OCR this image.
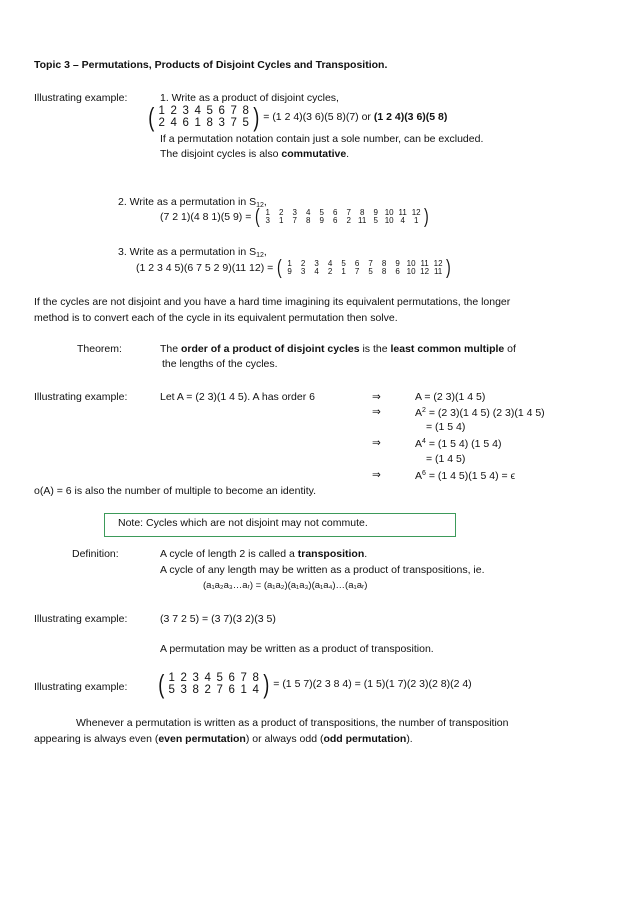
Topic 3 – Permutations, Products of Disjoint Cycles and Transposition.
Illustrating example:	1. Write as a product of disjoint cycles,
( 1 2 3 4 5 6 7 8
2 4 6 1 8 3 7 5 ) = (1 2 4)(3 6)(5 8)(7) or (1 2 4)(3 6)(5 8)
If a permutation notation contain just a sole number, can be excluded.
The disjoint cycles is also commutative.
2. Write as a permutation in $S_{12}$,
(7 2 1)(4 8 1)(5 9) = ( 1	2	3	4	5	6	7	8	9 10 11 12
3	1	7	8	9	6	2 11 5 10 4	1 )
3. Write as a permutation in $S_{12}$,
(1 2 3 4 5)(6 7 5 2 9)(11 12) = ( 1	2	3	4	5	6	7	8	9 10 11 12
9	3	4	2	1	7	5	8	6 10 12 11 )
If the cycles are not disjoint and you have a hard time imagining its equivalent permutations, the longer
method is to convert each of the cycle in its equivalent permutation then solve.
Theorem:	The order of a product of disjoint cycles is the least common multiple of
the lengths of the cycles.
Illustrating example:	Let A = (2 3)(1 4 5). A has order 6	⇒	A = (2 3)(1 4 5)
⇒	$A^2 = (2$ 3)(1 4 5) (2 3)(1 4 5)
= (1 5 4)
⇒	$A^4 = (1$ 5 4) (1 5 4)
= (1 4 5)
⇒	$A^6 = (1$ 4 5)(1 5 4) = ϵ
o(A) = 6 is also the number of multiple to become an identity.
Note: Cycles which are not disjoint may not commute.
Definition:	A cycle of length 2 is called a transposition.
A cycle of any length may be written as a product of transpositions, ie.
(a₁a₂a₃…aᵣ) = (a₁a₂)(a₁a₃)(a₁a₄)…(a₁aᵣ)
Illustrating example:	(3 7 2 5) = (3 7)(3 2)(3 5)
A permutation may be written as a product of transposition.
Illustrating example: ( 1 2 3 4 5 6 7 8
5 3 8 2 7 6 1 4 ) = (1 5 7)(2 3 8 4) = (1 5)(1 7)(2 3)(2 8)(2 4)
Whenever a permutation is written as a product of transpositions, the number of transposition
appearing is always even (even permutation) or always odd (odd permutation).
